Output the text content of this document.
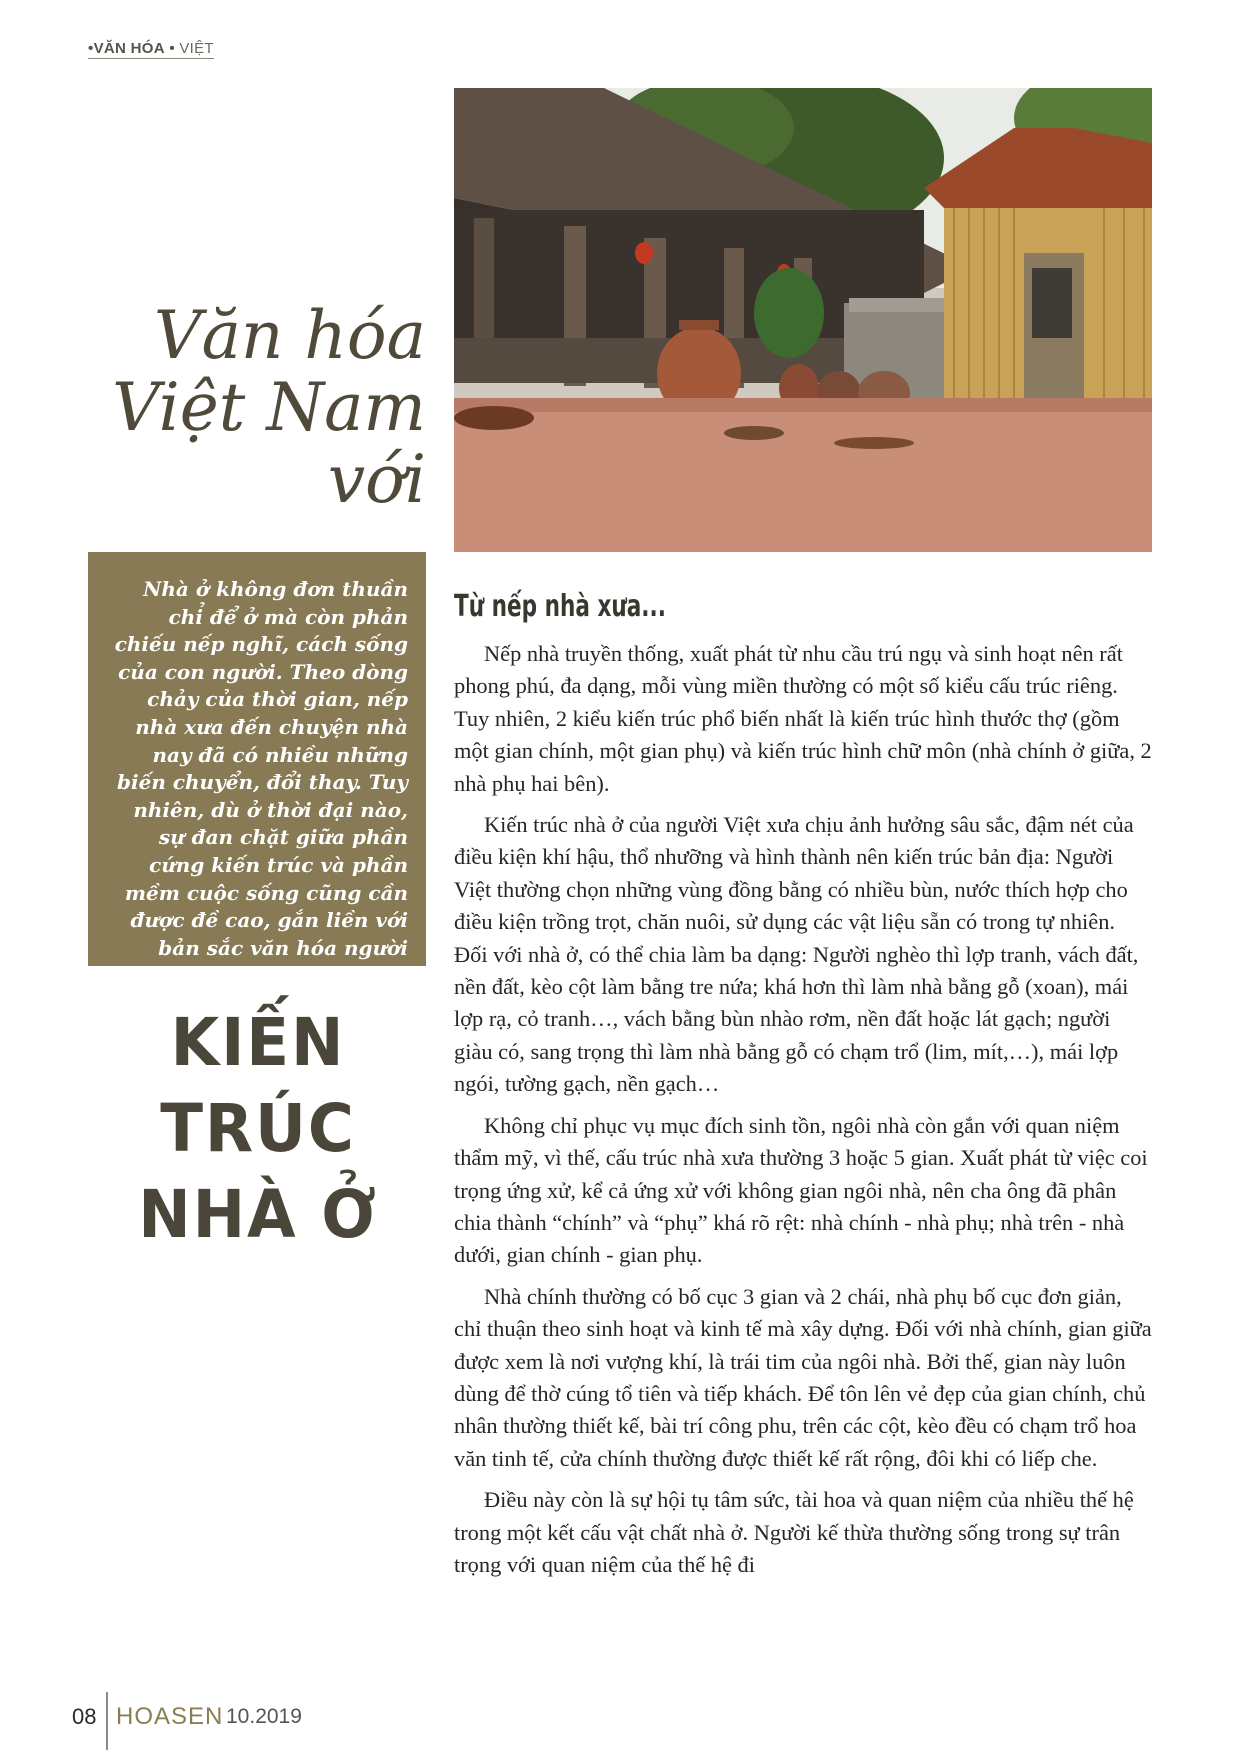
•VĂN HÓA • VIỆT
Văn hóa
Việt Nam
với

Nhà ở không đơn thuần chỉ để ở mà còn phản chiếu nếp nghĩ, cách sống của con người. Theo dòng chảy của thời gian, nếp nhà xưa đến chuyện nhà nay đã có nhiều những biến chuyển, đổi thay. Tuy nhiên, dù ở thời đại nào, sự đan chặt giữa phần cứng kiến trúc và phần mềm cuộc sống cũng cần được đề cao, gắn liền với bản sắc văn hóa người Việt.

KIẾN TRÚC
NHÀ Ở
Từ nếp nhà xưa...

Nếp nhà truyền thống, xuất phát từ nhu cầu trú ngụ và sinh hoạt nên rất phong phú, đa dạng, mỗi vùng miền thường có một số kiểu cấu trúc riêng. Tuy nhiên, 2 kiểu kiến trúc phổ biến nhất là kiến trúc hình thước thợ (gồm một gian chính, một gian phụ) và kiến trúc hình chữ môn (nhà chính ở giữa, 2 nhà phụ hai bên).

Kiến trúc nhà ở của người Việt xưa chịu ảnh hưởng sâu sắc, đậm nét của điều kiện khí hậu, thổ nhưỡng và hình thành nên kiến trúc bản địa: Người Việt thường chọn những vùng đồng bằng có nhiều bùn, nước thích hợp cho điều kiện trồng trọt, chăn nuôi, sử dụng các vật liệu sẵn có trong tự nhiên. Đối với nhà ở, có thể chia làm ba dạng: Người nghèo thì lợp tranh, vách đất, nền đất, kèo cột làm bằng tre nứa; khá hơn thì làm nhà bằng gỗ (xoan), mái lợp rạ, cỏ tranh…, vách bằng bùn nhào rơm, nền đất hoặc lát gạch; người giàu có, sang trọng thì làm nhà bằng gỗ có chạm trổ (lim, mít,…), mái lợp ngói, tường gạch, nền gạch…

Không chỉ phục vụ mục đích sinh tồn, ngôi nhà còn gắn với quan niệm thẩm mỹ, vì thế, cấu trúc nhà xưa thường 3 hoặc 5 gian. Xuất phát từ việc coi trọng ứng xử, kể cả ứng xử với không gian ngôi nhà, nên cha ông đã phân chia thành “chính” và “phụ” khá rõ rệt: nhà chính - nhà phụ; nhà trên - nhà dưới, gian chính - gian phụ.

Nhà chính thường có bố cục 3 gian và 2 chái, nhà phụ bố cục đơn giản, chỉ thuận theo sinh hoạt và kinh tế mà xây dựng. Đối với nhà chính, gian giữa được xem là nơi vượng khí, là trái tim của ngôi nhà. Bởi thế, gian này luôn dùng để thờ cúng tổ tiên và tiếp khách. Để tôn lên vẻ đẹp của gian chính, chủ nhân thường thiết kế, bài trí công phu, trên các cột, kèo đều có chạm trổ hoa văn tinh tế, cửa chính thường được thiết kế rất rộng, đôi khi có liếp che.

Điều này còn là sự hội tụ tâm sức, tài hoa và quan niệm của nhiều thế hệ trong một kết cấu vật chất nhà ở. Người kế thừa thường sống trong sự trân trọng với quan niệm của thế hệ đi

08 HOASEN 10.2019
